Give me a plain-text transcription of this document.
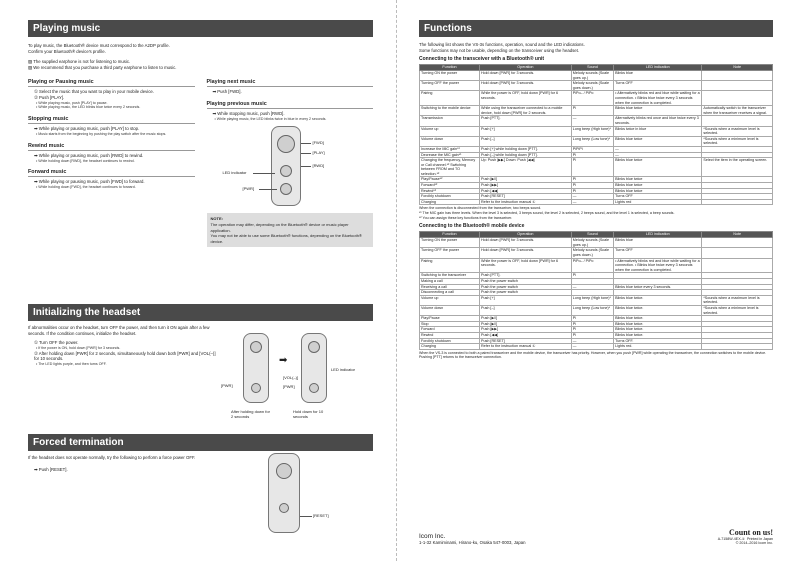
Playing music
To play music, the Bluetooth® device must correspond to the A2DP profile.
Confirm your Bluetooth® device's profile.
▨ The supplied earphone is not for listening to music.
▨ We recommend that you purchase a third party earphone to listen to music.
Playing or Pausing music
① Select the music that you want to play in your mobile device.
② Push [PLAY].
• While playing music, push [PLAY] to pause.
• While playing music, the LED blinks blue twice every 2 seconds.
Stopping music
➡ While playing or pausing music, push [PLAY] to stop.
• Music starts from the beginning by pushing the play switch after the music stops.
Rewind music
➡ While playing or pausing music, push [RWD] to rewind.
• While holding down [RWD], the headset continues to rewind.
Forward music
➡ While playing or pausing music, push [FWD] to forward.
• While holding down [FWD], the headset continues to forward.
Playing next music
➡ Push [FWD].
Playing previous music
➡ While stopping music, push [RWD].
• While playing music, the LED blinks twice in blue in every 2 seconds.
[FWD]
[PLAY]
[RWD]
LED indicator
[PWR]
NOTE:
The operation may differ, depending on the Bluetooth® device or music player application.
You may not be able to use some Bluetooth® functions, depending on the Bluetooth® device.
Initializing the headset
If abnormalities occur on the headset, turn OFF the power, and then turn it ON again after a few seconds. If the condition continues, initialize the headset.
① Turn OFF the power.
• If the power is ON, hold down [PWR] for 3 seconds.
② After holding down [PWR] for 2 seconds, simultaneously hold down both [PWR] and [VOL(–)] for 10 seconds.
• The LED lights purple, and then turns OFF.	➡
[VOL(–)]
[PWR]	[PWR]
LED indicator
After holding down for 2 seconds
Hold down for 10 seconds
Forced termination
If the headset does not operate normally, try the following to perform a force power OFF.
➡ Push [RESET].
[RESET]
Functions
The following list shows the VS-3s functions, operation, sound and the LED indications.
Some functions may not be usable, depending on the transceiver using the headset.
Connecting to the transceiver with a Bluetooth® unit
Function	Operation	Sound	LED indication	Note
Turning ON the power	Hold down [PWR] for 3 seconds.	Melody sounds (Scale goes up.)	Blinks blue	
Turning OFF the power	Hold down [PWR] for 3 seconds.	Melody sounds (Scale goes down.)	Turns OFF	
Pairing	While the power is OFF, hold down [PWR] for 6 seconds.	PiPo– / PiPo	• Alternatively blinks red and blue while waiting for a connection. • Blinks blue twice every 3 seconds when the connection is completed.	
Switching to the mobile device	While using the transceiver connected to a mobile device, hold down [PWR] for 2 seconds.	Pi	Blinks blue twice	Automatically switch to the transceiver when the transceiver receives a signal.
Transmission	Push [PTT].	—	Alternatively blinks red once and blue twice every 3 seconds.	
Volume up	Push [+]	Long beep (High tone)*	Blinks twice in blue	*Sounds when a maximum level is selected.
Volume down	Push [–]	Long beep (Low tone)*	Blinks blue twice	*Sounds when a minimum level is selected.
Increase the MIC gain*¹	Push [+] while holding down [PTT].	PiPiPi	—	
Decrease the MIC gain*¹	Push [–] while holding down [PTT].	Pi	—	
Changing the frequency, Memory or Call channel.*² Switching between FROM and TO selection.*²	Up: Push [▶▶] Down: Push [◀◀]	Pi	Blinks blue twice	Select the item in the operating screen.
Play/Pause*²	Push [▶‖]	Pi	Blinks blue twice	
Forward*²	Push [▶▶]	Pi	Blinks blue twice	
Rewind*²	Push [◀◀]	Pi	Blinks blue twice	
Forcibly shutdown	Push [RESET]	—	Turns OFF	
Charging	Refer to the instruction manual ①	—	Lights red	
When the connection is disconnected from the transceiver, two beeps sound.
*¹ The MIC gain has three levels. When the level 3 is selected, 3 beeps sound, the level 2 is selected, 2 beeps sound, and the level 1 is selected, a beep sounds.
*² You can assign these key functions from the transceiver.
Connecting to the Bluetooth® mobile device
Function	Operation	Sound	LED indication	Note
Turning ON the power	Hold down [PWR] for 3 seconds.	Melody sounds (Scale goes up.)	Blinks blue	
Turning OFF the power	Hold down [PWR] for 3 seconds.	Melody sounds (Scale goes down.)	Turns OFF	
Pairing	While the power is OFF, hold down [PWR] for 6 seconds.	PiPo– / PiPo	• Alternatively blinks red and blue while waiting for a connection. • Blinks blue twice every 3 seconds when the connection is completed.	
Switching to the transceiver	Push [PTT].	Pi		
Making a call	Push the power switch			
Receiving a call	Push the power switch	—	Blinks blue twice every 3 seconds.	
Disconnecting a call	Push the power switch			
Volume up	Push [+]	Long beep (High tone)*	Blinks blue twice.	*Sounds when a maximum level is selected.
Volume down	Push [–]	Long beep (Low tone)*	Blinks blue twice.	*Sounds when a minimum level is selected.
Play/Pause	Push [▶‖]	Pi	Blinks blue twice.	
Stop	Push [▶‖]	Pi	Blinks blue twice.	
Forward	Push [▶▶]	Pi	Blinks blue twice.	
Rewind	Push [◀◀]	Pi	Blinks blue twice.	
Forcibly shutdown	Push [RESET]	—	Turns OFF.	
Charging	Refer to the instruction manual ①	—	Lights red.	
When the VS-3 is connected to both a paired transceiver and the mobile device, the transceiver has priority. However, when you push [PWR] while operating the transceiver, the connection switches to the mobile device. Pushing [PTT] returns to the transceiver connection.
Icom Inc.
1-1-32 Kamiminami, Hirano-ku, Osaka 547-0003, Japan
Count on us!
A-7158W-4EX-① Printed in Japan
© 2014–2016 Icom Inc.
